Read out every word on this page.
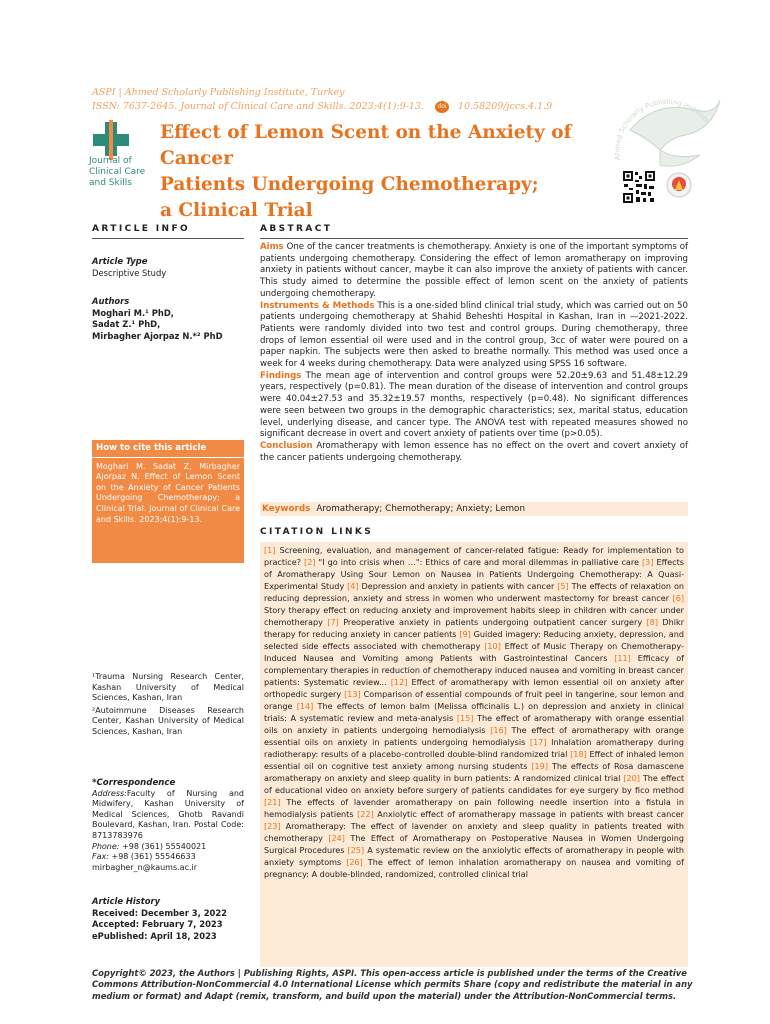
ASPI | Ahmed Scholarly Publishing Institute, Turkey
ISSN: 7637-2645. Journal of Clinical Care and Skills. 2023;4(1):9-13. doi 10.58209/jccs.4.1.9
Journal of
Clinical Care
and Skills
Effect of Lemon Scent on the Anxiety of Cancer
Patients Undergoing Chemotherapy;
a Clinical Trial
Ahmed Scholarly Publishing Institute
ARTICLE INFO	ABSTRACT
Article Type
Descriptive Study
Authors
Moghari M.¹ PhD,
Sadat Z.¹ PhD,
Mirbagher Ajorpaz N.*² PhD
How to cite this article
Moghari M. Sadat Z, Mirbagher Ajorpaz N. Effect of Lemon Scent on the Anxiety of Cancer Patients Undergoing Chemotherapy; a Clinical Trial. Journal of Clinical Care and Skills. 2023;4(1):9-13.
¹Trauma Nursing Research Center, Kashan University of Medical Sciences, Kashan, Iran
²Autoimmune Diseases Research Center, Kashan University of Medical Sciences, Kashan, Iran
*Correspondence
Address:Faculty of Nursing and Midwifery, Kashan University of Medical Sciences, Ghotb Ravandi Boulevard, Kashan, Iran. Postal Code: 8713783976
Phone: +98 (361) 55540021
Fax: +98 (361) 55546633
mirbagher_n@kaums.ac.ir
Article History
Received: December 3, 2022
Accepted: February 7, 2023
ePublished: April 18, 2023

Aims One of the cancer treatments is chemotherapy. Anxiety is one of the important symptoms of patients undergoing chemotherapy. Considering the effect of lemon aromatherapy on improving anxiety in patients without cancer, maybe it can also improve the anxiety of patients with cancer. This study aimed to determine the possible effect of lemon scent on the anxiety of patients undergoing chemotherapy.

Instruments & Methods This is a one-sided blind clinical trial study, which was carried out on 50 patients undergoing chemotherapy at Shahid Beheshti Hospital in Kashan, Iran in —2021-2022. Patients were randomly divided into two test and control groups. During chemotherapy, three drops of lemon essential oil were used and in the control group, 3cc of water were poured on a paper napkin. The subjects were then asked to breathe normally. This method was used once a week for 4 weeks during chemotherapy. Data were analyzed using SPSS 16 software.

Findings The mean age of intervention and control groups were 52.20±9.63 and 51.48±12.29 years, respectively (p=0.81). The mean duration of the disease of intervention and control groups were 40.04±27.53 and 35.32±19.57 months, respectively (p=0.48). No significant differences were seen between two groups in the demographic characteristics; sex, marital status, education level, underlying disease, and cancer type. The ANOVA test with repeated measures showed no significant decrease in overt and covert anxiety of patients over time (p>0.05).

Conclusion Aromatherapy with lemon essence has no effect on the overt and covert anxiety of the cancer patients undergoing chemotherapy.

Keywords Aromatherapy; Chemotherapy; Anxiety; Lemon
CITATION LINKS
[1] Screening, evaluation, and management of cancer-related fatigue: Ready for implementation to practice? [2] "I go into crisis when …": Ethics of care and moral dilemmas in palliative care [3] Effects of Aromatherapy Using Sour Lemon on Nausea in Patients Undergoing Chemotherapy: A Quasi-Experimental Study [4] Depression and anxiety in patients with cancer [5] The effects of relaxation on reducing depression, anxiety and stress in women who underwent mastectomy for breast cancer [6] Story therapy effect on reducing anxiety and improvement habits sleep in children with cancer under chemotherapy [7] Preoperative anxiety in patients undergoing outpatient cancer surgery [8] Dhikr therapy for reducing anxiety in cancer patients [9] Guided imagery: Reducing anxiety, depression, and selected side effects associated with chemotherapy [10] Effect of Music Therapy on Chemotherapy-Induced Nausea and Vomiting among Patients with Gastrointestinal Cancers [11] Efficacy of complementary therapies in reduction of chemotherapy induced nausea and vomiting in breast cancer patients: Systematic review... [12] Effect of aromatherapy with lemon essential oil on anxiety after orthopedic surgery [13] Comparison of essential compounds of fruit peel in tangerine, sour lemon and orange [14] The effects of lemon balm (Melissa officinalis L.) on depression and anxiety in clinical trials: A systematic review and meta-analysis [15] The effect of aromatherapy with orange essential oils on anxiety in patients undergoing hemodialysis [16] The effect of aromatherapy with orange essential oils on anxiety in patients undergoing hemodialysis [17] Inhalation aromatherapy during radiotherapy: results of a placebo-controlled double-blind randomized trial [18] Effect of inhaled lemon essential oil on cognitive test anxiety among nursing students [19] The effects of Rosa damascene aromatherapy on anxiety and sleep quality in burn patients: A randomized clinical trial [20] The effect of educational video on anxiety before surgery of patients candidates for eye surgery by fico method [21] The effects of lavender aromatherapy on pain following needle insertion into a fistula in hemodialysis patients [22] Anxiolytic effect of aromatherapy massage in patients with breast cancer [23] Aromatherapy: The effect of lavender on anxiety and sleep quality in patients treated with chemotherapy [24] The Effect of Aromatherapy on Postoperative Nausea in Women Undergoing Surgical Procedures [25] A systematic review on the anxiolytic effects of aromatherapy in people with anxiety symptoms [26] The effect of lemon inhalation aromatherapy on nausea and vomiting of pregnancy: A double-blinded, randomized, controlled clinical trial
Copyright© 2023, the Authors | Publishing Rights, ASPI. This open-access article is published under the terms of the Creative Commons Attribution-NonCommercial 4.0 International License which permits Share (copy and redistribute the material in any medium or format) and Adapt (remix, transform, and build upon the material) under the Attribution-NonCommercial terms.
